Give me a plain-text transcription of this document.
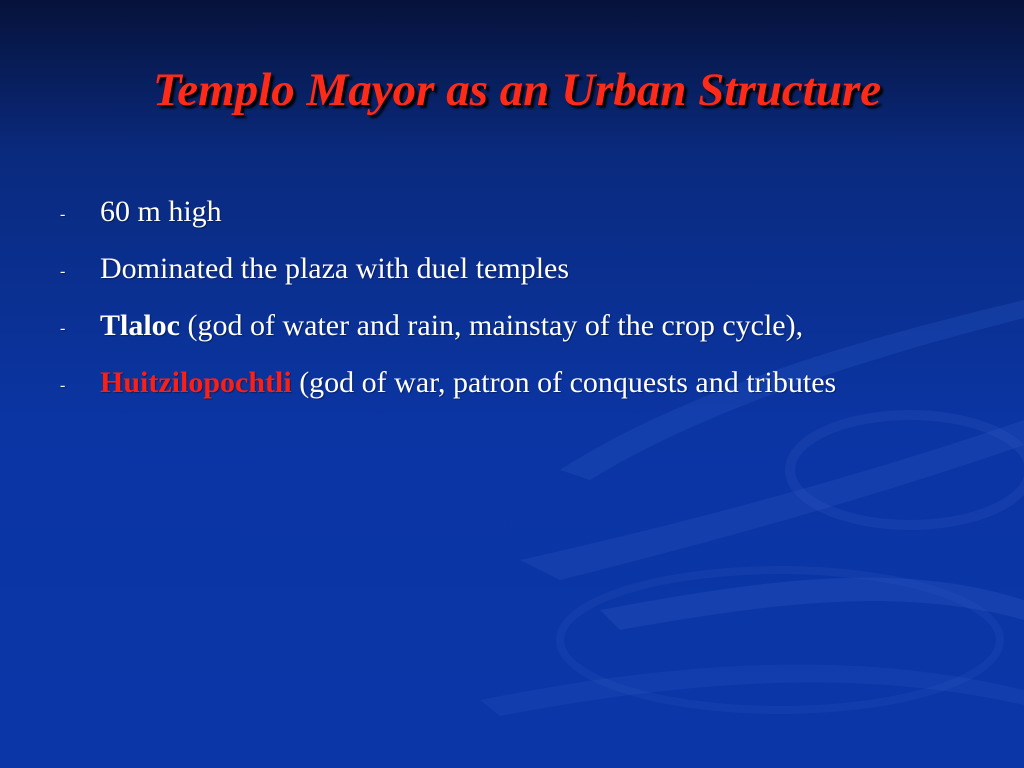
Templo Mayor as an Urban Structure
- 60 m high
- Dominated the plaza with duel temples
- Tlaloc (god of water and rain, mainstay of the crop cycle),
- Huitzilopochtli (god of war, patron of conquests and tributes
